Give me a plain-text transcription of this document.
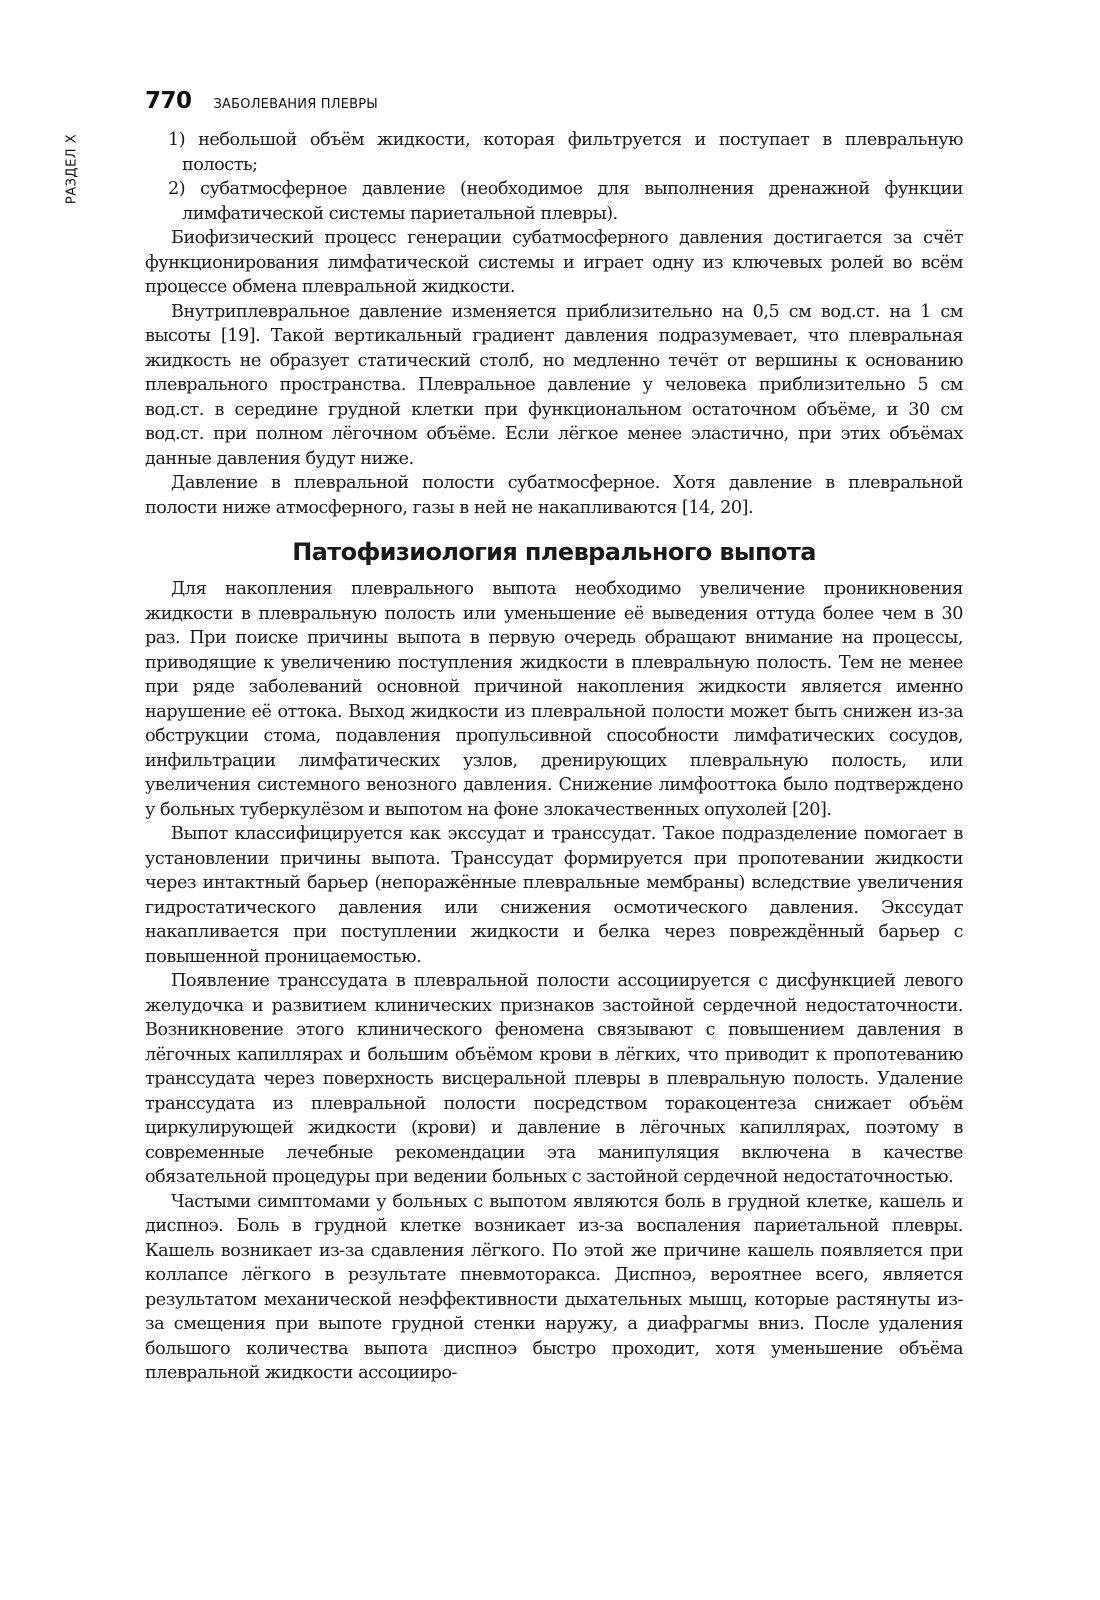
РАЗДЕЛ X
770 ЗАБОЛЕВАНИЯ ПЛЕВРЫ
1) небольшой объём жидкости, которая фильтруется и поступает в плевральную полость;
2) субатмосферное давление (необходимое для выполнения дренажной функции лимфатической системы париетальной плевры).

Биофизический процесс генерации субатмосферного давления достигается за счёт функционирования лимфатической системы и играет одну из ключевых ролей во всём процессе обмена плевральной жидкости.

Внутриплевральное давление изменяется приблизительно на 0,5 см вод.ст. на 1 см высоты [19]. Такой вертикальный градиент давления подразумевает, что плевральная жидкость не образует статический столб, но медленно течёт от вершины к основанию плеврального пространства. Плевральное давление у человека приблизительно 5 см вод.ст. в середине грудной клетки при функциональном остаточном объёме, и 30 см вод.ст. при полном лёгочном объёме. Если лёгкое менее эластично, при этих объёмах данные давления будут ниже.

Давление в плевральной полости субатмосферное. Хотя давление в плевральной полости ниже атмосферного, газы в ней не накапливаются [14, 20].

Патофизиология плеврального выпота

Для накопления плеврального выпота необходимо увеличение проникновения жидкости в плевральную полость или уменьшение её выведения оттуда более чем в 30 раз. При поиске причины выпота в первую очередь обращают внимание на процессы, приводящие к увеличению поступления жидкости в плевральную полость. Тем не менее при ряде заболеваний основной причиной накопления жидкости является именно нарушение её оттока. Выход жидкости из плевральной полости может быть снижен из-за обструкции стома, подавления пропульсивной способности лимфатических сосудов, инфильтрации лимфатических узлов, дренирующих плевральную полость, или увеличения системного венозного давления. Снижение лимфооттока было подтверждено у больных туберкулёзом и выпотом на фоне злокачественных опухолей [20].

Выпот классифицируется как экссудат и транссудат. Такое подразделение помогает в установлении причины выпота. Транссудат формируется при пропотевании жидкости через интактный барьер (непоражённые плевральные мембраны) вследствие увеличения гидростатического давления или снижения осмотического давления. Экссудат накапливается при поступлении жидкости и белка через повреждённый барьер с повышенной проницаемостью.

Появление транссудата в плевральной полости ассоциируется с дисфункцией левого желудочка и развитием клинических признаков застойной сердечной недостаточности. Возникновение этого клинического феномена связывают с повышением давления в лёгочных капиллярах и большим объёмом крови в лёгких, что приводит к пропотеванию транссудата через поверхность висцеральной плевры в плевральную полость. Удаление транссудата из плевральной полости посредством торакоцентеза снижает объём циркулирующей жидкости (крови) и давление в лёгочных капиллярах, поэтому в современные лечебные рекомендации эта манипуляция включена в качестве обязательной процедуры при ведении больных с застойной сердечной недостаточностью.

Частыми симптомами у больных с выпотом являются боль в грудной клетке, кашель и диспноэ. Боль в грудной клетке возникает из-за воспаления париетальной плевры. Кашель возникает из-за сдавления лёгкого. По этой же причине кашель появляется при коллапсе лёгкого в результате пневмоторакса. Диспноэ, вероятнее всего, является результатом механической неэффективности дыхательных мышц, которые растянуты из-за смещения при выпоте грудной стенки наружу, а диафрагмы вниз. После удаления большого количества выпота диспноэ быстро проходит, хотя уменьшение объёма плевральной жидкости ассоцииро-
